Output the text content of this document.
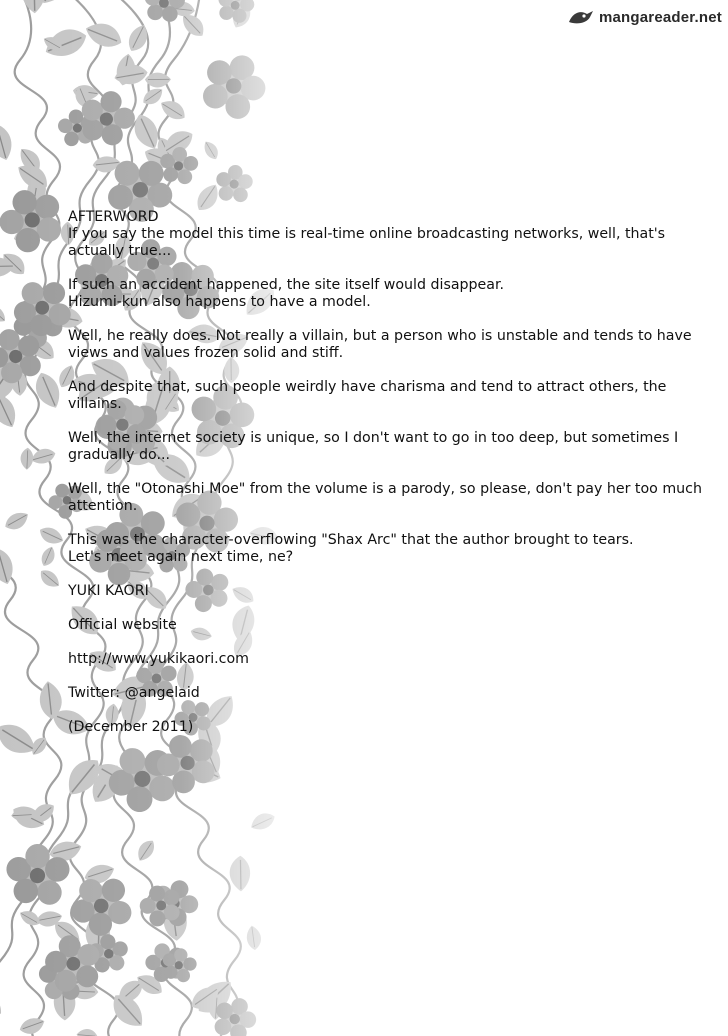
mangareader.net

AFTERWORD

If you say the model this time is real-time online broadcasting networks, well, that's actually true...

If such an accident happened, the site itself would disappear.

Hizumi-kun also happens to have a model.

Well, he really does. Not really a villain, but a person who is unstable and tends to have views and values frozen solid and stiff.

And despite that, such people weirdly have charisma and tend to attract others, the villains.

Well, the internet society is unique, so I don't want to go in too deep, but sometimes I gradually do...

Well, the "Otonashi Moe" from the volume is a parody, so please, don't pay her too much attention.

This was the character-overflowing "Shax Arc" that the author brought to tears.

Let's meet again next time, ne?

YUKI KAORI

Official website

http://www.yukikaori.com

Twitter: @angelaid

(December 2011)
